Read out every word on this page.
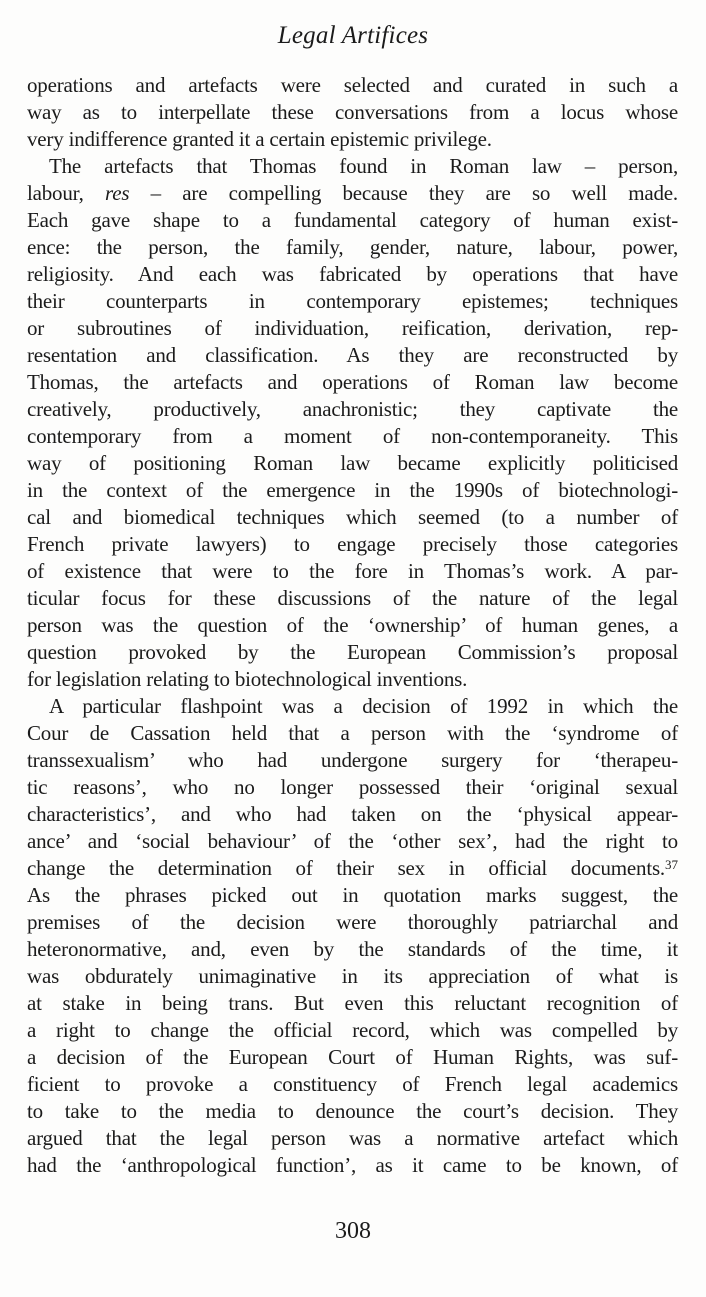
Legal Artifices
operations and artefacts were selected and curated in such a
way as to interpellate these conversations from a locus whose
very indifference granted it a certain epistemic privilege.
The artefacts that Thomas found in Roman law – person,
labour, res – are compelling because they are so well made.
Each gave shape to a fundamental category of human exist-
ence: the person, the family, gender, nature, labour, power,
religiosity. And each was fabricated by operations that have
their counterparts in contemporary epistemes; techniques
or subroutines of individuation, reification, derivation, rep-
resentation and classification. As they are reconstructed by
Thomas, the artefacts and operations of Roman law become
creatively, productively, anachronistic; they captivate the
contemporary from a moment of non-contemporaneity. This
way of positioning Roman law became explicitly politicised
in the context of the emergence in the 1990s of biotechnologi-
cal and biomedical techniques which seemed (to a number of
French private lawyers) to engage precisely those categories
of existence that were to the fore in Thomas’s work. A par-
ticular focus for these discussions of the nature of the legal
person was the question of the ‘ownership’ of human genes, a
question provoked by the European Commission’s proposal
for legislation relating to biotechnological inventions.
A particular flashpoint was a decision of 1992 in which the
Cour de Cassation held that a person with the ‘syndrome of
transsexualism’ who had undergone surgery for ‘therapeu-
tic reasons’, who no longer possessed their ‘original sexual
characteristics’, and who had taken on the ‘physical appear-
ance’ and ‘social behaviour’ of the ‘other sex’, had the right to
change the determination of their sex in official documents.$^{37}$
As the phrases picked out in quotation marks suggest, the
premises of the decision were thoroughly patriarchal and
heteronormative, and, even by the standards of the time, it
was obdurately unimaginative in its appreciation of what is
at stake in being trans. But even this reluctant recognition of
a right to change the official record, which was compelled by
a decision of the European Court of Human Rights, was suf-
ficient to provoke a constituency of French legal academics
to take to the media to denounce the court’s decision. They
argued that the legal person was a normative artefact which
had the ‘anthropological function’, as it came to be known, of
308
